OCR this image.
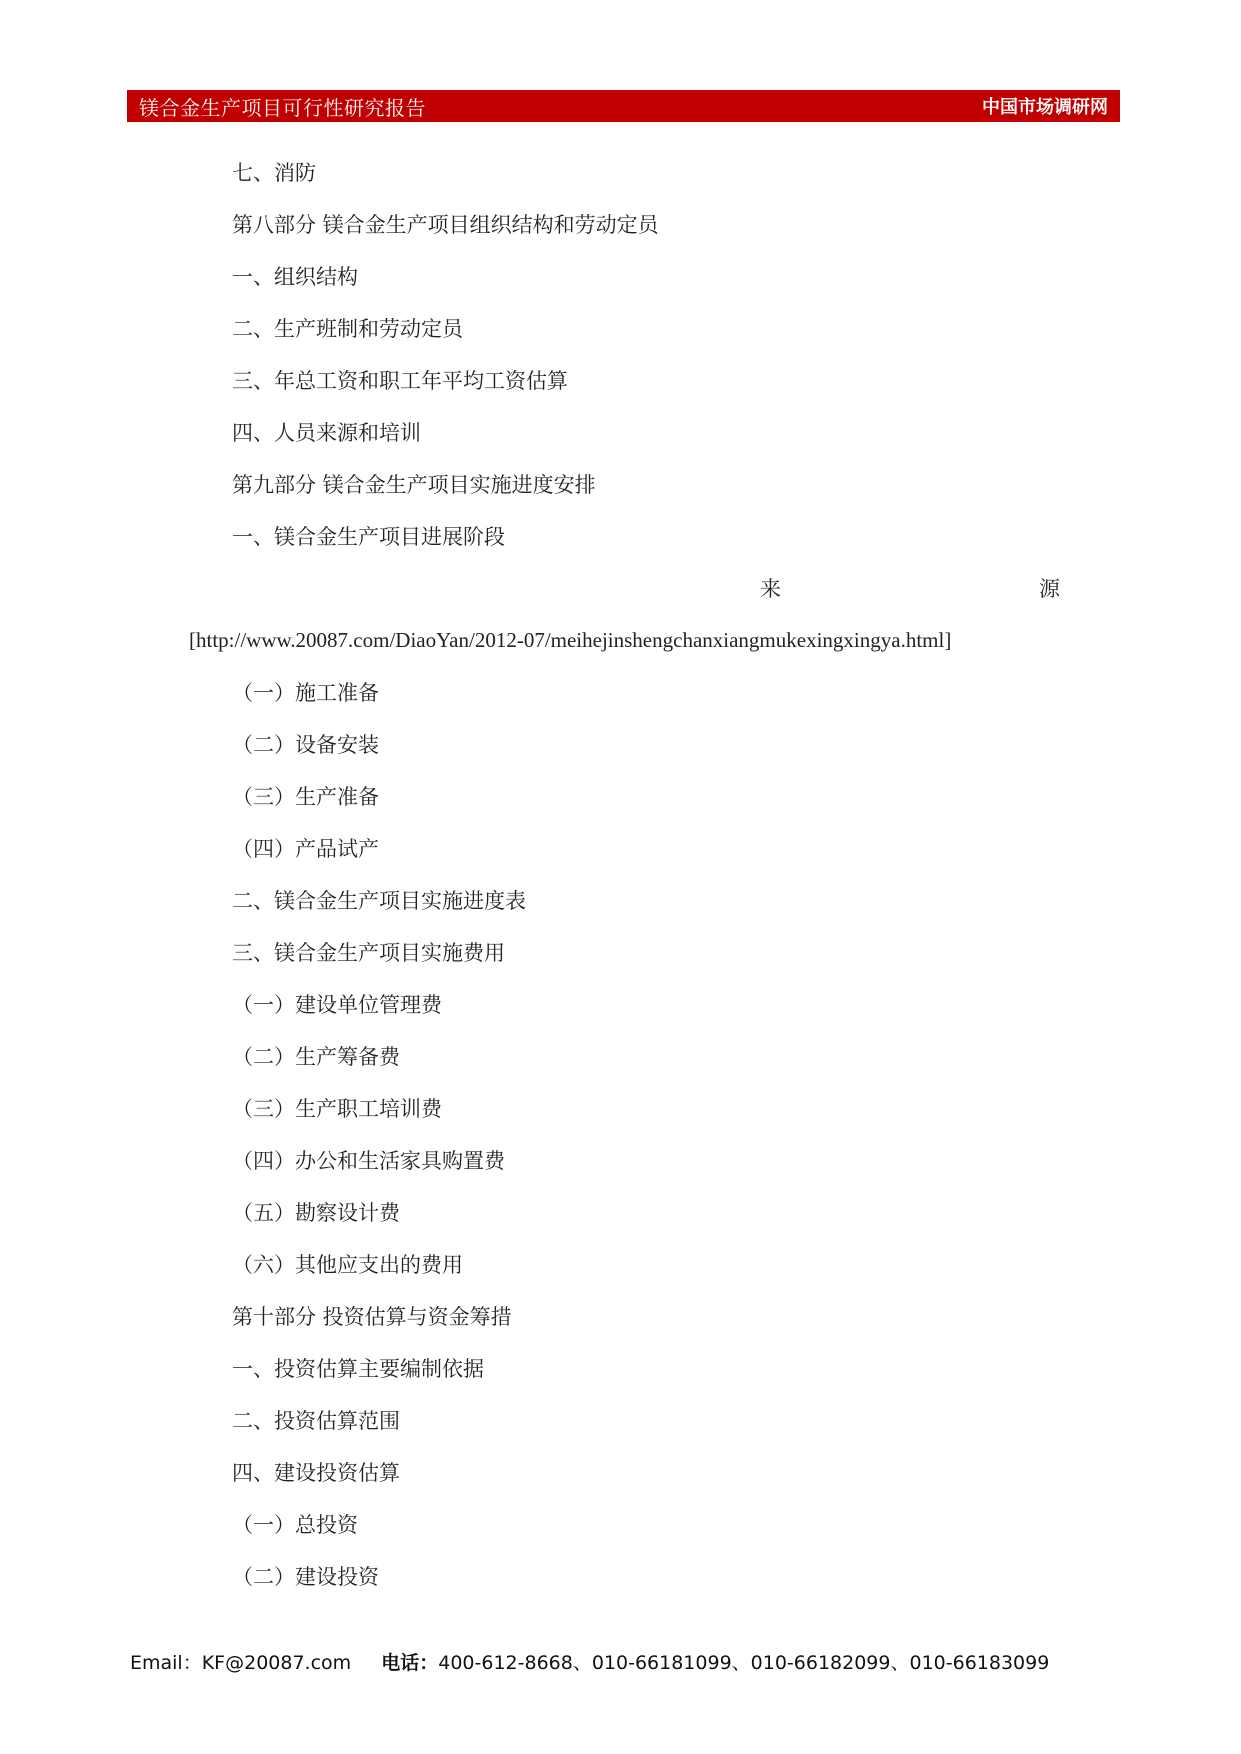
镁合金生产项目可行性研究报告	中国市场调研网
七、消防
第八部分 镁合金生产项目组织结构和劳动定员
一、组织结构
二、生产班制和劳动定员
三、年总工资和职工年平均工资估算
四、人员来源和培训
第九部分 镁合金生产项目实施进度安排
一、镁合金生产项目进展阶段
来	源
[http://www.20087.com/DiaoYan/2012-07/meihejinshengchanxiangmukexingxingya.html]
（一）施工准备
（二）设备安装
（三）生产准备
（四）产品试产
二、镁合金生产项目实施进度表
三、镁合金生产项目实施费用
（一）建设单位管理费
（二）生产筹备费
（三）生产职工培训费
（四）办公和生活家具购置费
（五）勘察设计费
（六）其他应支出的费用
第十部分 投资估算与资金筹措
一、投资估算主要编制依据
二、投资估算范围
四、建设投资估算
（一）总投资
（二）建设投资
Email：KF@20087.com 电话：400-612-8668、010-66181099、010-66182099、010-66183099
